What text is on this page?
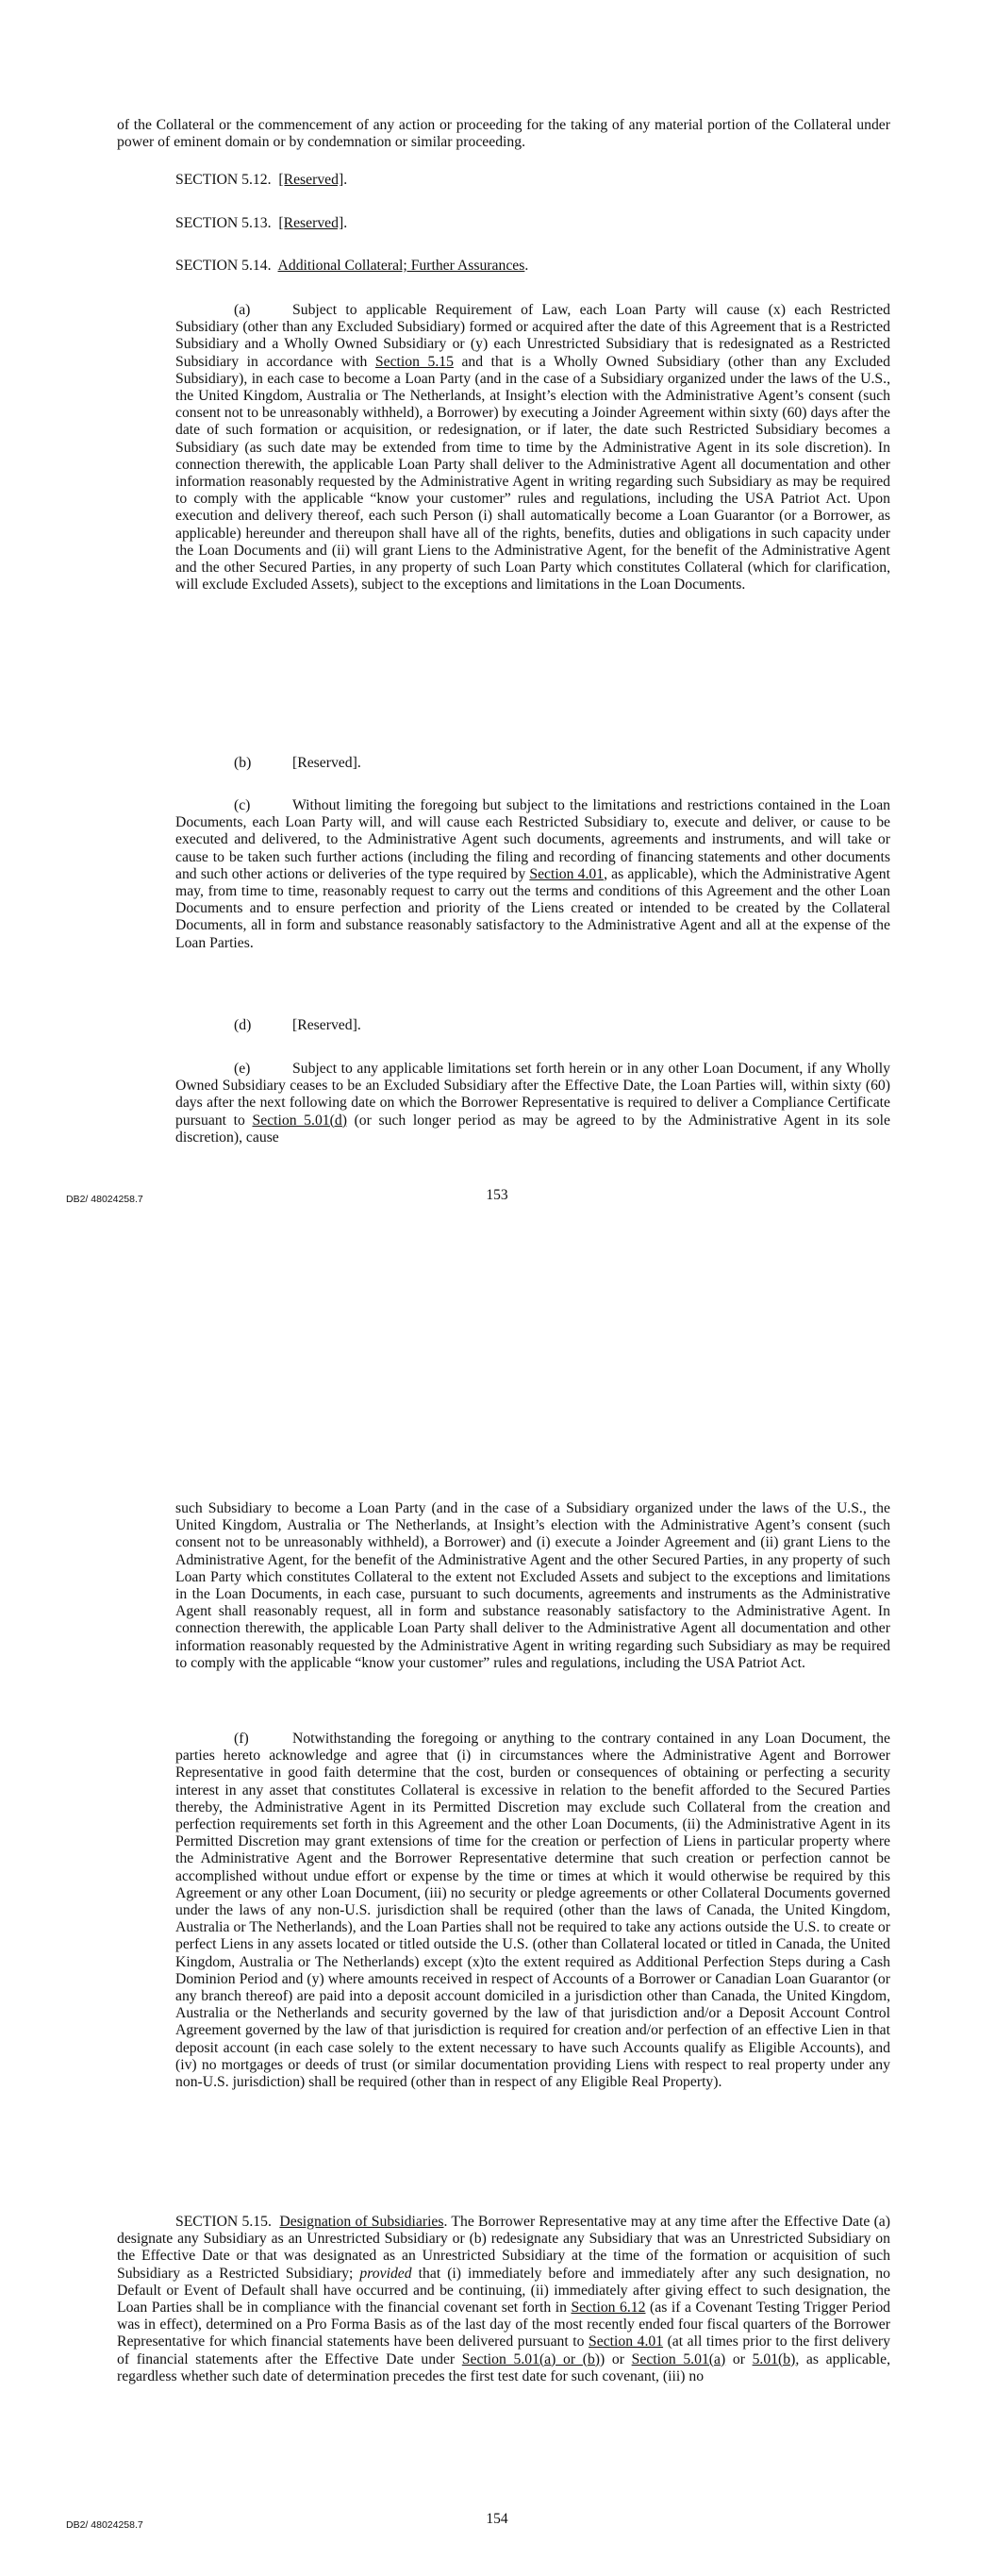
of the Collateral or the commencement of any action or proceeding for the taking of any material portion of the Collateral under power of eminent domain or by condemnation or similar proceeding.

SECTION 5.12. [Reserved].

SECTION 5.13. [Reserved].

SECTION 5.14. Additional Collateral; Further Assurances.

(a)	Subject to applicable Requirement of Law, each Loan Party will cause (x) each Restricted Subsidiary (other than any Excluded Subsidiary) formed or acquired after the date of this Agreement that is a Restricted Subsidiary and a Wholly Owned Subsidiary or (y) each Unrestricted Subsidiary that is redesignated as a Restricted Subsidiary in accordance with Section 5.15 and that is a Wholly Owned Subsidiary (other than any Excluded Subsidiary), in each case to become a Loan Party (and in the case of a Subsidiary organized under the laws of the U.S., the United Kingdom, Australia or The Netherlands, at Insight’s election with the Administrative Agent’s consent (such consent not to be unreasonably withheld), a Borrower) by executing a Joinder Agreement within sixty (60) days after the date of such formation or acquisition, or redesignation, or if later, the date such Restricted Subsidiary becomes a Subsidiary (as such date may be extended from time to time by the Administrative Agent in its sole discretion). In connection therewith, the applicable Loan Party shall deliver to the Administrative Agent all documentation and other information reasonably requested by the Administrative Agent in writing regarding such Subsidiary as may be required to comply with the applicable “know your customer” rules and regulations, including the USA Patriot Act. Upon execution and delivery thereof, each such Person (i) shall automatically become a Loan Guarantor (or a Borrower, as applicable) hereunder and thereupon shall have all of the rights, benefits, duties and obligations in such capacity under the Loan Documents and (ii) will grant Liens to the Administrative Agent, for the benefit of the Administrative Agent and the other Secured Parties, in any property of such Loan Party which constitutes Collateral (which for clarification, will exclude Excluded Assets), subject to the exceptions and limitations in the Loan Documents.

(b)	[Reserved].

(c)	Without limiting the foregoing but subject to the limitations and restrictions contained in the Loan Documents, each Loan Party will, and will cause each Restricted Subsidiary to, execute and deliver, or cause to be executed and delivered, to the Administrative Agent such documents, agreements and instruments, and will take or cause to be taken such further actions (including the filing and recording of financing statements and other documents and such other actions or deliveries of the type required by Section 4.01, as applicable), which the Administrative Agent may, from time to time, reasonably request to carry out the terms and conditions of this Agreement and the other Loan Documents and to ensure perfection and priority of the Liens created or intended to be created by the Collateral Documents, all in form and substance reasonably satisfactory to the Administrative Agent and all at the expense of the Loan Parties.

(d)	[Reserved].

(e)	Subject to any applicable limitations set forth herein or in any other Loan Document, if any Wholly Owned Subsidiary ceases to be an Excluded Subsidiary after the Effective Date, the Loan Parties will, within sixty (60) days after the next following date on which the Borrower Representative is required to deliver a Compliance Certificate pursuant to Section 5.01(d) (or such longer period as may be agreed to by the Administrative Agent in its sole discretion), cause

DB2/ 48024258.7	153

such Subsidiary to become a Loan Party (and in the case of a Subsidiary organized under the laws of the U.S., the United Kingdom, Australia or The Netherlands, at Insight’s election with the Administrative Agent’s consent (such consent not to be unreasonably withheld), a Borrower) and (i) execute a Joinder Agreement and (ii) grant Liens to the Administrative Agent, for the benefit of the Administrative Agent and the other Secured Parties, in any property of such Loan Party which constitutes Collateral to the extent not Excluded Assets and subject to the exceptions and limitations in the Loan Documents, in each case, pursuant to such documents, agreements and instruments as the Administrative Agent shall reasonably request, all in form and substance reasonably satisfactory to the Administrative Agent. In connection therewith, the applicable Loan Party shall deliver to the Administrative Agent all documentation and other information reasonably requested by the Administrative Agent in writing regarding such Subsidiary as may be required to comply with the applicable “know your customer” rules and regulations, including the USA Patriot Act.

(f)	Notwithstanding the foregoing or anything to the contrary contained in any Loan Document, the parties hereto acknowledge and agree that (i) in circumstances where the Administrative Agent and Borrower Representative in good faith determine that the cost, burden or consequences of obtaining or perfecting a security interest in any asset that constitutes Collateral is excessive in relation to the benefit afforded to the Secured Parties thereby, the Administrative Agent in its Permitted Discretion may exclude such Collateral from the creation and perfection requirements set forth in this Agreement and the other Loan Documents, (ii) the Administrative Agent in its Permitted Discretion may grant extensions of time for the creation or perfection of Liens in particular property where the Administrative Agent and the Borrower Representative determine that such creation or perfection cannot be accomplished without undue effort or expense by the time or times at which it would otherwise be required by this Agreement or any other Loan Document, (iii) no security or pledge agreements or other Collateral Documents governed under the laws of any non-U.S. jurisdiction shall be required (other than the laws of Canada, the United Kingdom, Australia or The Netherlands), and the Loan Parties shall not be required to take any actions outside the U.S. to create or perfect Liens in any assets located or titled outside the U.S. (other than Collateral located or titled in Canada, the United Kingdom, Australia or The Netherlands) except (x)to the extent required as Additional Perfection Steps during a Cash Dominion Period and (y) where amounts received in respect of Accounts of a Borrower or Canadian Loan Guarantor (or any branch thereof) are paid into a deposit account domiciled in a jurisdiction other than Canada, the United Kingdom, Australia or the Netherlands and security governed by the law of that jurisdiction and/or a Deposit Account Control Agreement governed by the law of that jurisdiction is required for creation and/or perfection of an effective Lien in that deposit account (in each case solely to the extent necessary to have such Accounts qualify as Eligible Accounts), and (iv) no mortgages or deeds of trust (or similar documentation providing Liens with respect to real property under any non-U.S. jurisdiction) shall be required (other than in respect of any Eligible Real Property).

SECTION 5.15. Designation of Subsidiaries. The Borrower Representative may at any time after the Effective Date (a) designate any Subsidiary as an Unrestricted Subsidiary or (b) redesignate any Subsidiary that was an Unrestricted Subsidiary on the Effective Date or that was designated as an Unrestricted Subsidiary at the time of the formation or acquisition of such Subsidiary as a Restricted Subsidiary; provided that (i) immediately before and immediately after any such designation, no Default or Event of Default shall have occurred and be continuing, (ii) immediately after giving effect to such designation, the Loan Parties shall be in compliance with the financial covenant set forth in Section 6.12 (as if a Covenant Testing Trigger Period was in effect), determined on a Pro Forma Basis as of the last day of the most recently ended four fiscal quarters of the Borrower Representative for which financial statements have been delivered pursuant to Section 4.01 (at all times prior to the first delivery of financial statements after the Effective Date under Section 5.01(a) or (b)) or Section 5.01(a) or 5.01(b), as applicable, regardless whether such date of determination precedes the first test date for such covenant, (iii) no

DB2/ 48024258.7	154
